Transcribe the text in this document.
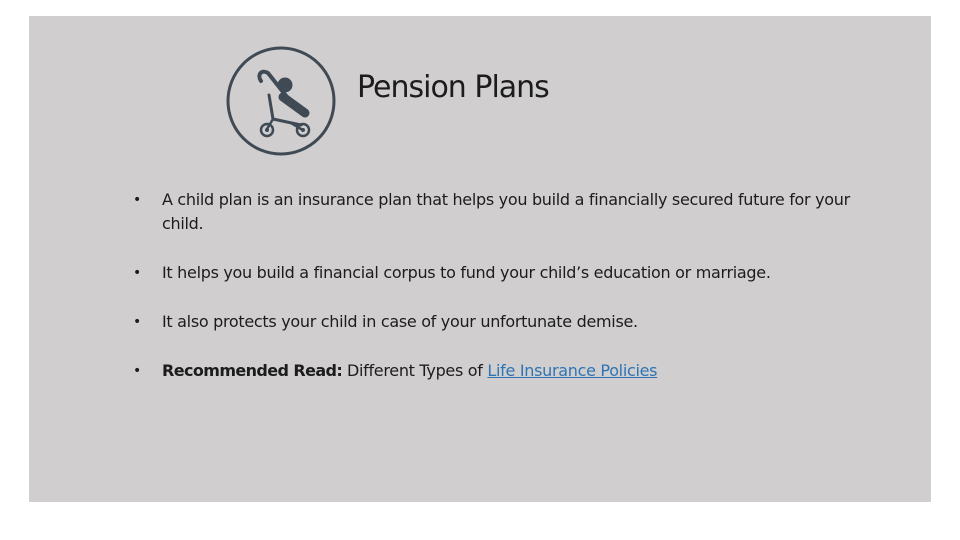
Pension Plans
• A child plan is an insurance plan that helps you build a financially secured future for your child.
• It helps you build a financial corpus to fund your child’s education or marriage.
• It also protects your child in case of your unfortunate demise.
• Recommended Read: Different Types of Life Insurance Policies
